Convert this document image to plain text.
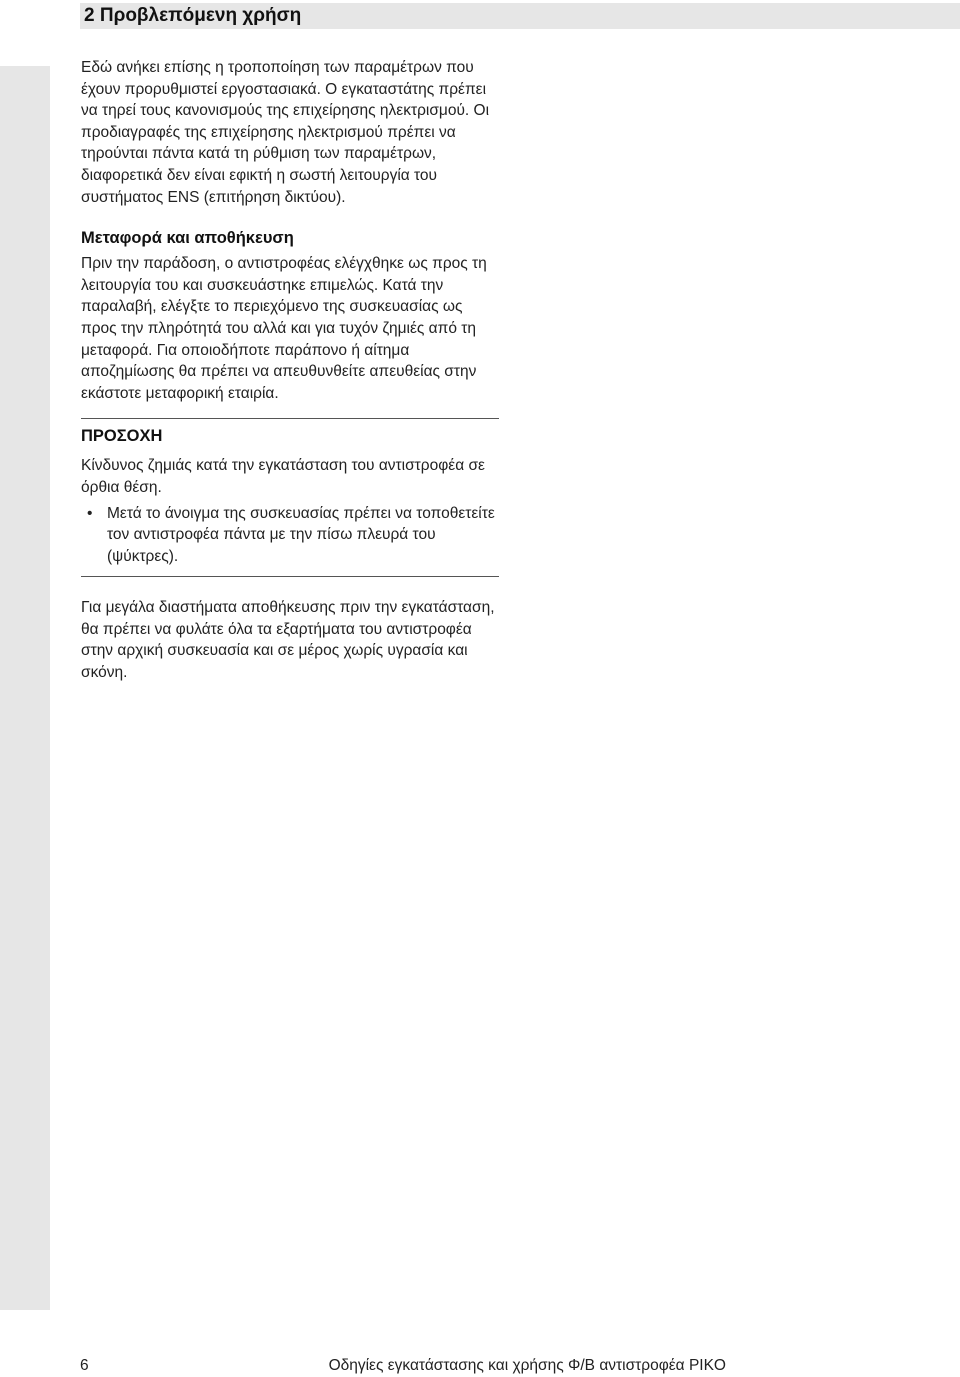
2 Προβλεπόμενη χρήση

Εδώ ανήκει επίσης η τροποποίηση των παραμέτρων που έχουν προρυθμιστεί εργοστασιακά. Ο εγκαταστάτης πρέπει να τηρεί τους κανονισμούς της επιχείρησης ηλεκτρισμού. Οι προδιαγραφές της επιχείρησης ηλεκτρισμού πρέπει να τηρούνται πάντα κατά τη ρύθμιση των παραμέτρων, διαφορετικά δεν είναι εφικτή η σωστή λειτουργία του συστήματος ENS (επιτήρηση δικτύου).

Μεταφορά και αποθήκευση

Πριν την παράδοση, ο αντιστροφέας ελέγχθηκε ως προς τη λειτουργία του και συσκευάστηκε επιμελώς. Κατά την παραλαβή, ελέγξτε το περιεχόμενο της συσκευασίας ως προς την πληρότητά του αλλά και για τυχόν ζημιές από τη μεταφορά. Για οποιοδήποτε παράπονο ή αίτημα αποζημίωσης θα πρέπει να απευθυνθείτε απευθείας στην εκάστοτε μεταφορική εταιρία.

ΠΡΟΣΟΧΗ

Κίνδυνος ζημιάς κατά την εγκατάσταση του αντιστροφέα σε όρθια θέση.

• Μετά το άνοιγμα της συσκευασίας πρέπει να τοποθετείτε τον αντιστροφέα πάντα με την πίσω πλευρά του (ψύκτρες).

Για μεγάλα διαστήματα αποθήκευσης πριν την εγκατάσταση, θα πρέπει να φυλάτε όλα τα εξαρτήματα του αντιστροφέα στην αρχική συσκευασία και σε μέρος χωρίς υγρασία και σκόνη.

6	Οδηγίες εγκατάστασης και χρήσης Φ/Β αντιστροφέα PIKO
